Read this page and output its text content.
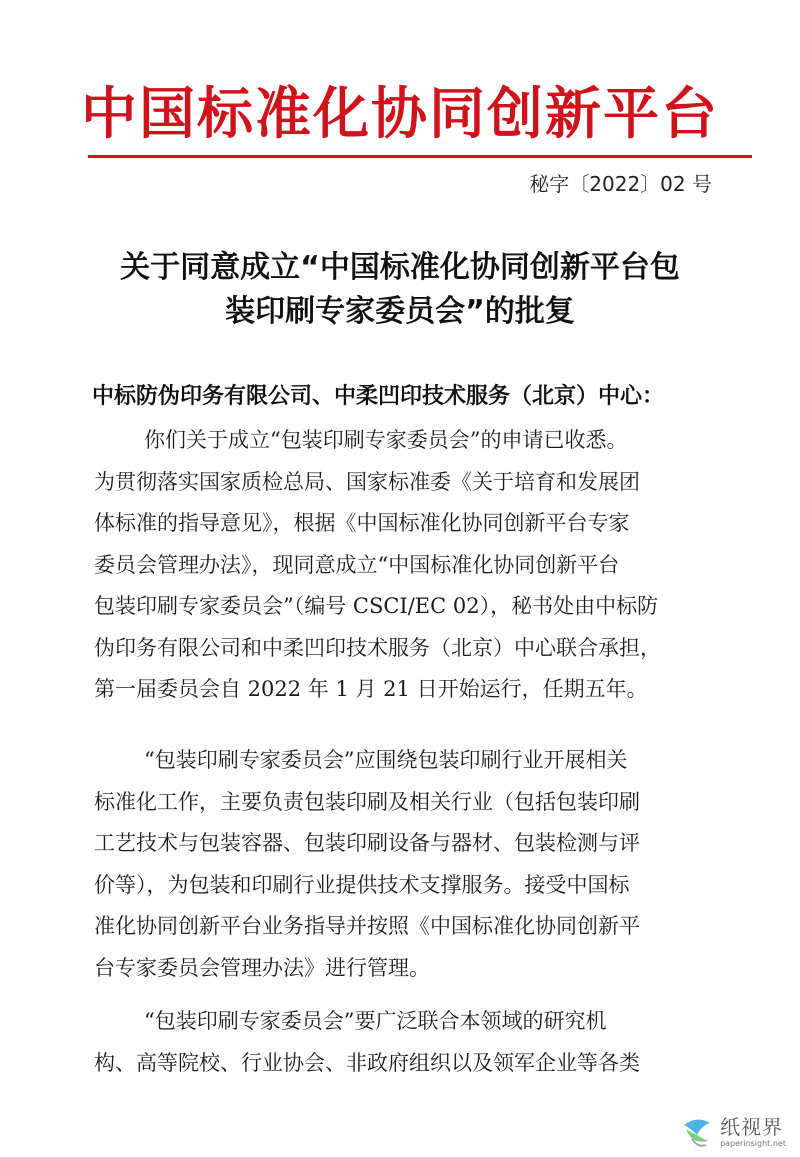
中国标准化协同创新平台
秘字〔2022〕02 号
关于同意成立“中国标准化协同创新平台包
装印刷专家委员会”的批复
中标防伪印务有限公司、中柔凹印技术服务（北京）中心：
你们关于成立“包装印刷专家委员会”的申请已收悉。
为贯彻落实国家质检总局、国家标准委《关于培育和发展团
体标准的指导意见》，根据《中国标准化协同创新平台专家
委员会管理办法》，现同意成立“中国标准化协同创新平台
包装印刷专家委员会”（编号 CSCI/EC 02），秘书处由中标防
伪印务有限公司和中柔凹印技术服务（北京）中心联合承担，
第一届委员会自 2022 年 1 月 21 日开始运行，任期五年。
“包装印刷专家委员会”应围绕包装印刷行业开展相关
标准化工作，主要负责包装印刷及相关行业（包括包装印刷
工艺技术与包装容器、包装印刷设备与器材、包装检测与评
价等），为包装和印刷行业提供技术支撑服务。接受中国标
准化协同创新平台业务指导并按照《中国标准化协同创新平
台专家委员会管理办法》进行管理。
“包装印刷专家委员会”要广泛联合本领域的研究机
构、高等院校、行业协会、非政府组织以及领军企业等各类
纸视界
paperinsight.net
